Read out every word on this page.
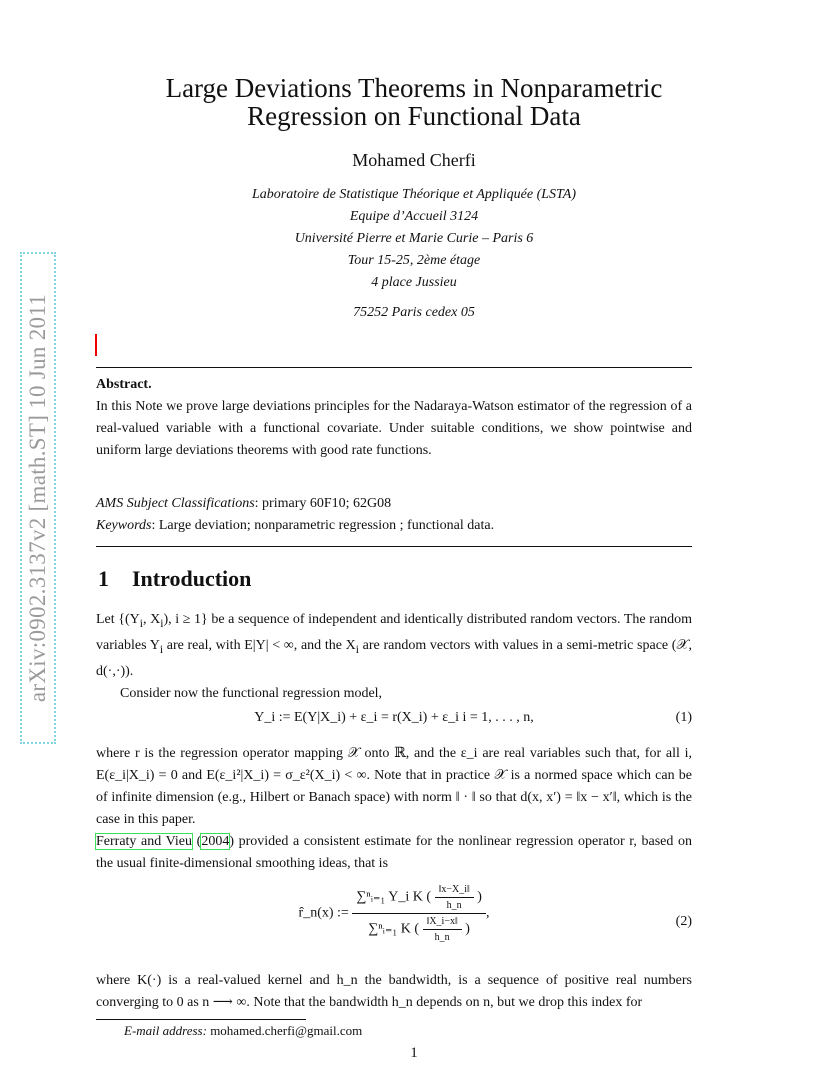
arXiv:0902.3137v2 [math.ST] 10 Jun 2011
Large Deviations Theorems in Nonparametric
Regression on Functional Data
Mohamed Cherfi
Laboratoire de Statistique Théorique et Appliquée (LSTA)
Equipe d’Accueil 3124
Université Pierre et Marie Curie – Paris 6
Tour 15-25, 2ème étage
4 place Jussieu
75252 Paris cedex 05

Abstract.

In this Note we prove large deviations principles for the Nadaraya-Watson estimator of the regression of a real-valued variable with a functional covariate. Under suitable conditions, we show pointwise and uniform large deviations theorems with good rate functions.

AMS Subject Classifications: primary 60F10; 62G08

Keywords: Large deviation; nonparametric regression ; functional data.

1 Introduction

Let {($Y_i$, $X_i$), i ≥ 1} be a sequence of independent and identically distributed random vectors. The random variables $Y_i$ are real, with E|Y| < ∞, and the $X_i$ are random vectors with values in a semi-metric space (𝒳, d(·,·)).

Consider now the functional regression model,

Y_i := E(Y|X_i) + ε_i = r(X_i) + ε_i i = 1, . . . , n,	(1)

where r is the regression operator mapping 𝒳 onto ℝ, and the ε_i are real variables such that, for all i, E(ε_i|X_i) = 0 and E(ε_i²|X_i) = σ_ε²(X_i) < ∞. Note that in practice 𝒳 is a normed space which can be of infinite dimension (e.g., Hilbert or Banach space) with norm ‖ · ‖ so that d(x, x′) = ‖x − x′‖, which is the case in this paper.

Ferraty and Vieu (2004) provided a consistent estimate for the nonlinear regression operator r, based on the usual finite-dimensional smoothing ideas, that is

r̂_n(x) := $\frac{\sum^nᵢ_{=1} Y\_i K ( \frac{‖x-X\_i‖}{h\_n} )}{\sum^nᵢ_{=1} K ( \frac{‖X\_i-x‖}{h\_n} )}$ ,
(2)
where K(·) is a real-valued kernel and h_n the bandwidth, is a sequence of positive real numbers converging to 0 as n ⟶ ∞. Note that the bandwidth h_n depends on n, but we drop this index for
E-mail address: mohamed.cherfi@gmail.com
1
